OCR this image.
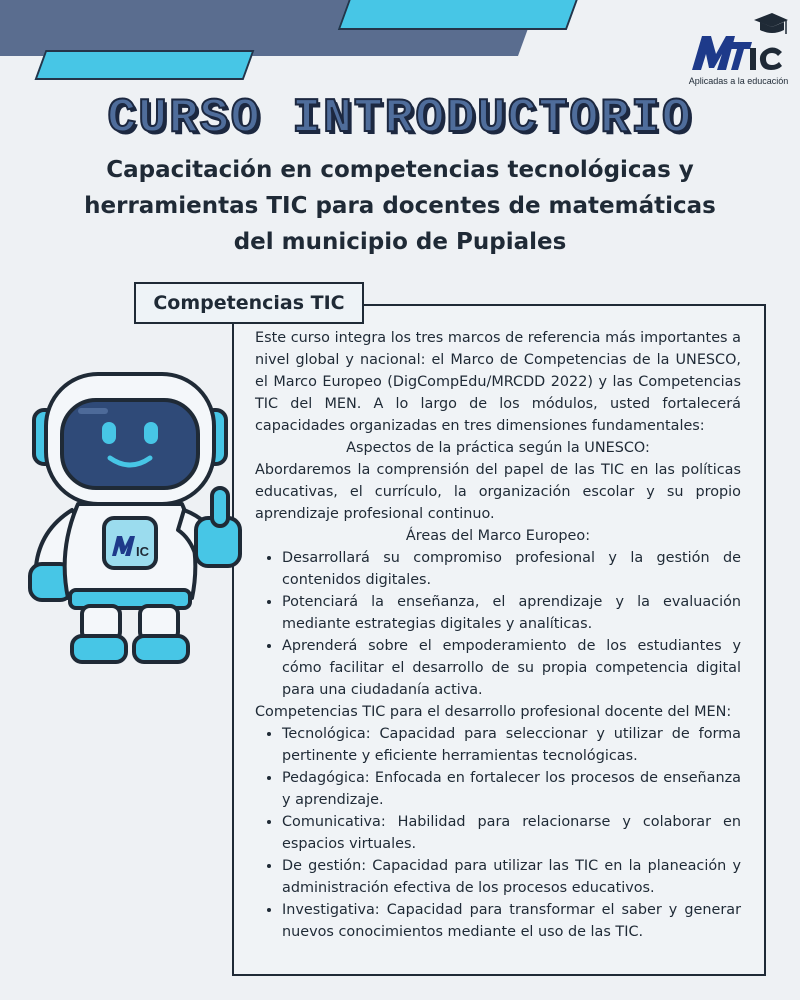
Aplicadas a la educación
CURSO INTRODUCTORIO
Capacitación en competencias tecnológicas y herramientas TIC para docentes de matemáticas del municipio de Pupiales
Competencias TIC

Este curso integra los tres marcos de referencia más importantes a nivel global y nacional: el Marco de Competencias de la UNESCO, el Marco Europeo (DigCompEdu/MRCDD 2022) y las Competencias TIC del MEN. A lo largo de los módulos, usted fortalecerá capacidades organizadas en tres dimensiones fundamentales:

Aspectos de la práctica según la UNESCO:

Abordaremos la comprensión del papel de las TIC en las políticas educativas, el currículo, la organización escolar y su propio aprendizaje profesional continuo.

Áreas del Marco Europeo:

• Desarrollará su compromiso profesional y la gestión de contenidos digitales.
• Potenciará la enseñanza, el aprendizaje y la evaluación mediante estrategias digitales y analíticas.
• Aprenderá sobre el empoderamiento de los estudiantes y cómo facilitar el desarrollo de su propia competencia digital para una ciudadanía activa.

Competencias TIC para el desarrollo profesional docente del MEN:

• Tecnológica: Capacidad para seleccionar y utilizar de forma pertinente y eficiente herramientas tecnológicas.
• Pedagógica: Enfocada en fortalecer los procesos de enseñanza y aprendizaje.
• Comunicativa: Habilidad para relacionarse y colaborar en espacios virtuales.
• De gestión: Capacidad para utilizar las TIC en la planeación y administración efectiva de los procesos educativos.
• Investigativa: Capacidad para transformar el saber y generar nuevos conocimientos mediante el uso de las TIC.
IC
